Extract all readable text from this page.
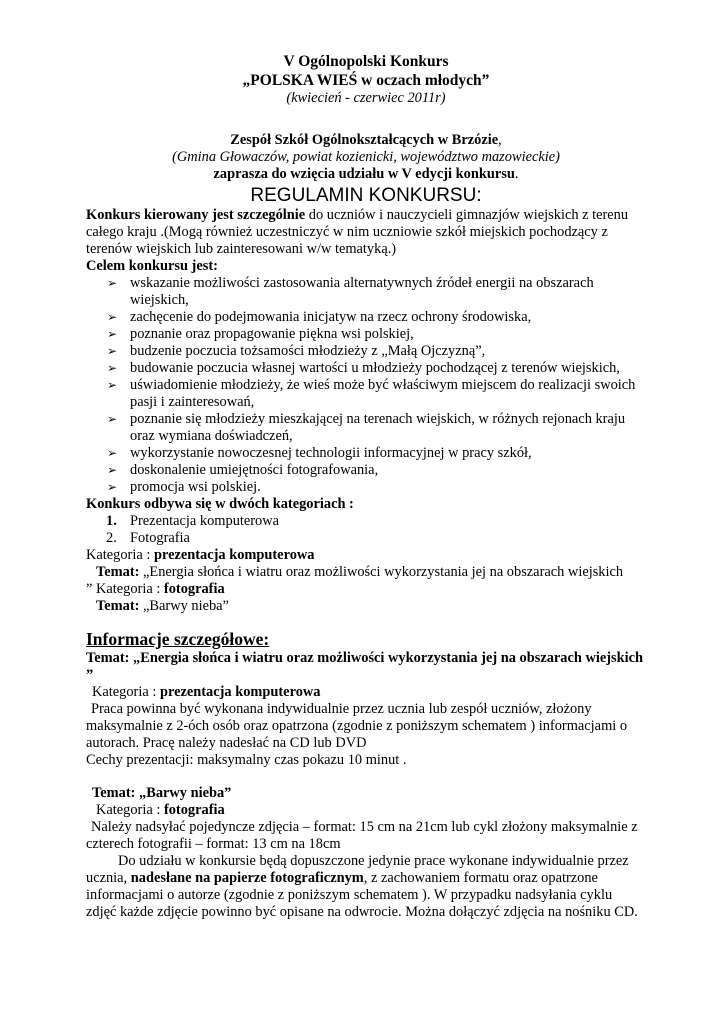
V Ogólnopolski Konkurs
„POLSKA WIEŚ w oczach młodych”
(kwiecień - czerwiec 2011r)
Zespół Szkół Ogólnokształcących w Brzózie,
(Gmina Głowaczów, powiat kozienicki, województwo mazowieckie)
zaprasza do wzięcia udziału w V edycji konkursu.
REGULAMIN KONKURSU:

Konkurs kierowany jest szczególnie do uczniów i nauczycieli gimnazjów wiejskich z terenu całego kraju .(Mogą również uczestniczyć w nim uczniowie szkół miejskich pochodzący z terenów wiejskich lub zainteresowani w/w tematyką.)

Celem konkursu jest:
➢ wskazanie możliwości zastosowania alternatywnych źródeł energii na obszarach wiejskich,
➢ zachęcenie do podejmowania inicjatyw na rzecz ochrony środowiska,
➢ poznanie oraz propagowanie piękna wsi polskiej,
➢ budzenie poczucia tożsamości młodzieży z „Małą Ojczyzną”,
➢ budowanie poczucia własnej wartości u młodzieży pochodzącej z terenów wiejskich,
➢ uświadomienie młodzieży, że wieś może być właściwym miejscem do realizacji swoich pasji i zainteresowań,
➢ poznanie się młodzieży mieszkającej na terenach wiejskich, w różnych rejonach kraju oraz wymiana doświadczeń,
➢ wykorzystanie nowoczesnej technologii informacyjnej w pracy szkół,
➢ doskonalenie umiejętności fotografowania,
➢ promocja wsi polskiej.
Konkurs odbywa się w dwóch kategoriach :
1. Prezentacja komputerowa
2. Fotografia
Kategoria : prezentacja komputerowa
Temat: „Energia słońca i wiatru oraz możliwości wykorzystania jej na obszarach wiejskich
” Kategoria : fotografia
Temat: „Barwy nieba”
Informacje szczegółowe:
Temat: „Energia słońca i wiatru oraz możliwości wykorzystania jej na obszarach wiejskich ”
Kategoria : prezentacja komputerowa

Praca powinna być wykonana indywidualnie przez ucznia lub zespół uczniów, złożony maksymalnie z 2-óch osób oraz opatrzona (zgodnie z poniższym schematem ) informacjami o autorach. Pracę należy nadesłać na CD lub DVD

Cechy prezentacji: maksymalny czas pokazu 10 minut .

Temat: „Barwy nieba”
Kategoria : fotografia

Należy nadsyłać pojedyncze zdjęcia – format: 15 cm na 21cm lub cykl złożony maksymalnie z czterech fotografii – format: 13 cm na 18cm

Do udziału w konkursie będą dopuszczone jedynie prace wykonane indywidualnie przez ucznia, nadesłane na papierze fotograficznym, z zachowaniem formatu oraz opatrzone informacjami o autorze (zgodnie z poniższym schematem ). W przypadku nadsyłania cyklu zdjęć każde zdjęcie powinno być opisane na odwrocie. Można dołączyć zdjęcia na nośniku CD.
